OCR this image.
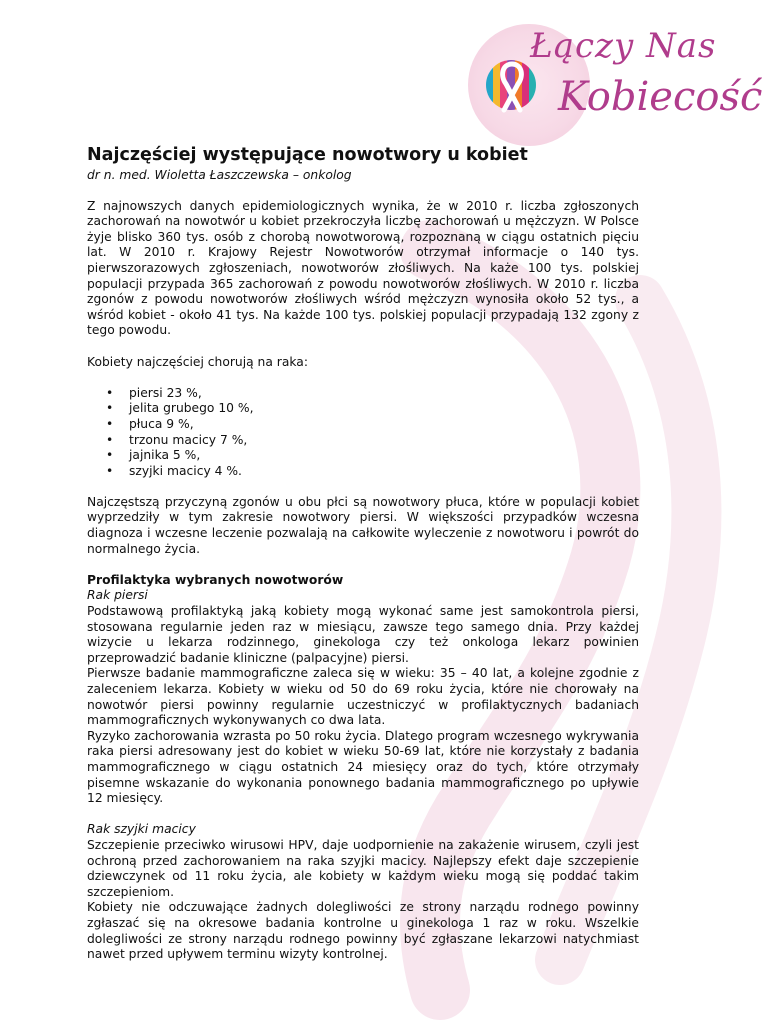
Łączy Nas
Kobiecość
Najczęściej występujące nowotwory u kobiet
dr n. med. Wioletta Łaszczewska – onkolog

Z najnowszych danych epidemiologicznych wynika, że w 2010 r. liczba zgłoszonych zachorowań na nowotwór u kobiet przekroczyła liczbę zachorowań u mężczyzn. W Polsce żyje blisko 360 tys. osób z chorobą nowotworową, rozpoznaną w ciągu ostatnich pięciu lat. W 2010 r. Krajowy Rejestr Nowotworów otrzymał informacje o 140 tys. pierwszorazowych zgłoszeniach, nowotworów złośliwych. Na każe 100 tys. polskiej populacji przypada 365 zachorowań z powodu nowotworów złośliwych. W 2010 r. liczba zgonów z powodu nowotworów złośliwych wśród mężczyzn wynosiła około 52 tys., a wśród kobiet - około 41 tys. Na każde 100 tys. polskiej populacji przypadają 132 zgony z tego powodu.

Kobiety najczęściej chorują na raka:

• piersi 23 %,
• jelita grubego 10 %,
• płuca 9 %,
• trzonu macicy 7 %,
• jajnika 5 %,
• szyjki macicy 4 %.

Najczęstszą przyczyną zgonów u obu płci są nowotwory płuca, które w populacji kobiet wyprzedziły w tym zakresie nowotwory piersi. W większości przypadków wczesna diagnoza i wczesne leczenie pozwalają na całkowite wyleczenie z nowotworu i powrót do normalnego życia.

Profilaktyka wybranych nowotworów
Rak piersi

Podstawową profilaktyką jaką kobiety mogą wykonać same jest samokontrola piersi, stosowana regularnie jeden raz w miesiącu, zawsze tego samego dnia. Przy każdej wizycie u lekarza rodzinnego, ginekologa czy też onkologa lekarz powinien przeprowadzić badanie kliniczne (palpacyjne) piersi.

Pierwsze badanie mammograficzne zaleca się w wieku: 35 – 40 lat, a kolejne zgodnie z zaleceniem lekarza. Kobiety w wieku od 50 do 69 roku życia, które nie chorowały na nowotwór piersi powinny regularnie uczestniczyć w profilaktycznych badaniach mammograficznych wykonywanych co dwa lata.

Ryzyko zachorowania wzrasta po 50 roku życia. Dlatego program wczesnego wykrywania raka piersi adresowany jest do kobiet w wieku 50-69 lat, które nie korzystały z badania mammograficznego w ciągu ostatnich 24 miesięcy oraz do tych, które otrzymały pisemne wskazanie do wykonania ponownego badania mammograficznego po upływie 12 miesięcy.

Rak szyjki macicy

Szczepienie przeciwko wirusowi HPV, daje uodpornienie na zakażenie wirusem, czyli jest ochroną przed zachorowaniem na raka szyjki macicy. Najlepszy efekt daje szczepienie dziewczynek od 11 roku życia, ale kobiety w każdym wieku mogą się poddać takim szczepieniom.

Kobiety nie odczuwające żadnych dolegliwości ze strony narządu rodnego powinny zgłaszać się na okresowe badania kontrolne u ginekologa 1 raz w roku. Wszelkie dolegliwości ze strony narządu rodnego powinny być zgłaszane lekarzowi natychmiast nawet przed upływem terminu wizyty kontrolnej.
